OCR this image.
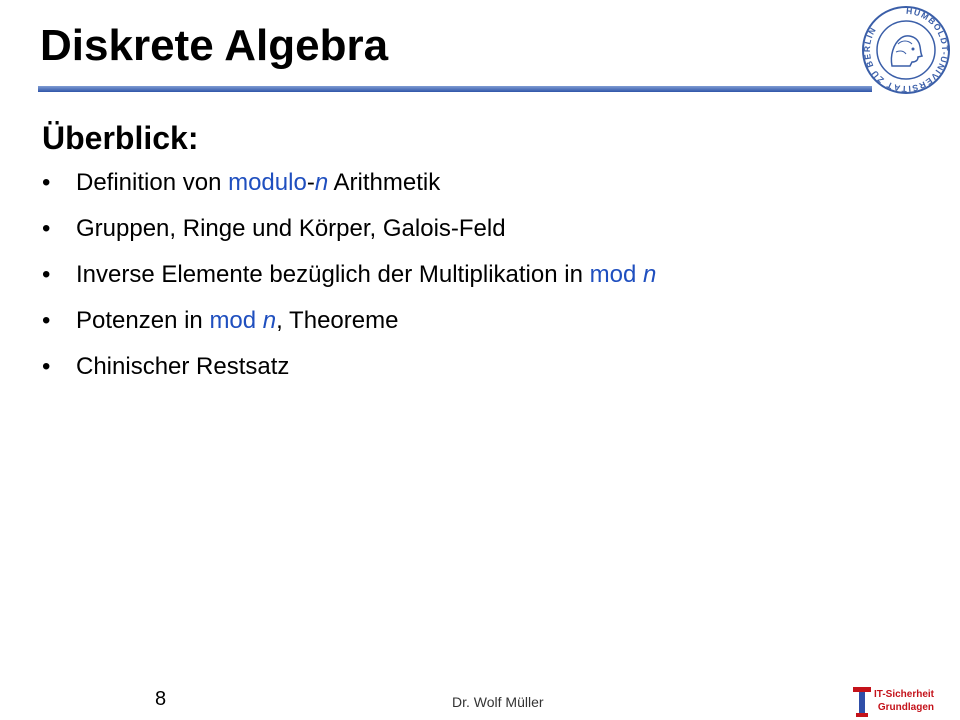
Diskrete Algebra
HUMBOLDT-UNIVERSITÄT ZU BERLIN
Überblick:
• Definition von modulo-n Arithmetik
• Gruppen, Ringe und Körper, Galois-Feld
• Inverse Elemente bezüglich der Multiplikation in mod n
• Potenzen in mod n, Theoreme
• Chinischer Restsatz
8	Dr. Wolf Müller	IT-Sicherheit
Grundlagen
